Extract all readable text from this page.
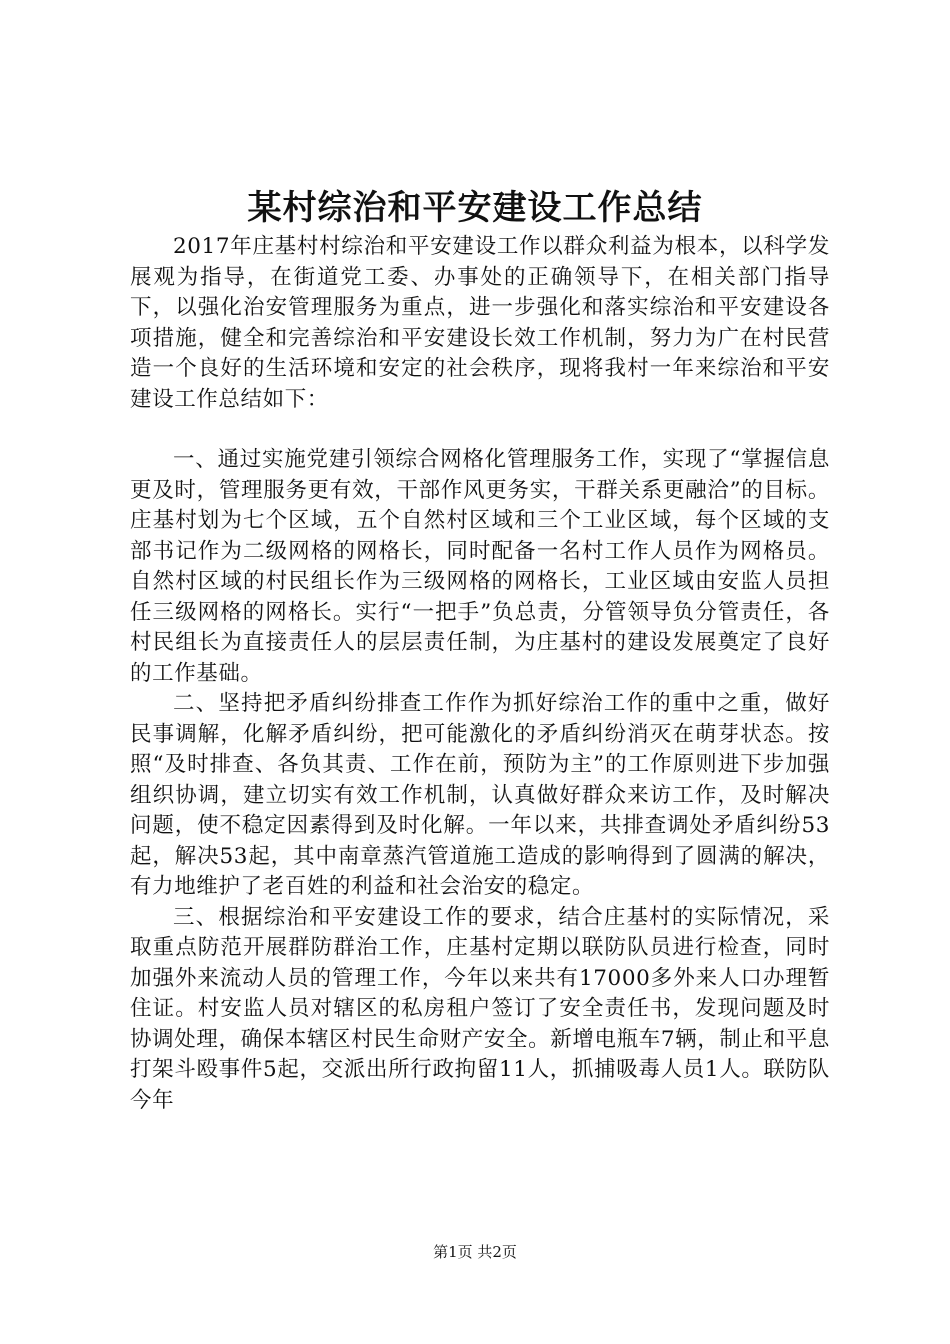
某村综治和平安建设工作总结

2017年庄基村村综治和平安建设工作以群众利益为根本，以科学发展观为指导，在街道党工委、办事处的正确领导下，在相关部门指导下，以强化治安管理服务为重点，进一步强化和落实综治和平安建设各项措施，健全和完善综治和平安建设长效工作机制，努力为广在村民营造一个良好的生活环境和安定的社会秩序，现将我村一年来综治和平安建设工作总结如下：

一、通过实施党建引领综合网格化管理服务工作，实现了“掌握信息更及时，管理服务更有效，干部作风更务实，干群关系更融洽”的目标。庄基村划为七个区域，五个自然村区域和三个工业区域，每个区域的支部书记作为二级网格的网格长，同时配备一名村工作人员作为网格员。自然村区域的村民组长作为三级网格的网格长，工业区域由安监人员担任三级网格的网格长。实行“一把手”负总责，分管领导负分管责任，各村民组长为直接责任人的层层责任制，为庄基村的建设发展奠定了良好的工作基础。

二、坚持把矛盾纠纷排查工作作为抓好综治工作的重中之重，做好民事调解，化解矛盾纠纷，把可能激化的矛盾纠纷消灭在萌芽状态。按照“及时排查、各负其责、工作在前，预防为主”的工作原则进下步加强组织协调，建立切实有效工作机制，认真做好群众来访工作，及时解决问题，使不稳定因素得到及时化解。一年以来，共排查调处矛盾纠纷53起，解决53起，其中南章蒸汽管道施工造成的影响得到了圆满的解决，有力地维护了老百姓的利益和社会治安的稳定。

三、根据综治和平安建设工作的要求，结合庄基村的实际情况，采取重点防范开展群防群治工作，庄基村定期以联防队员进行检查，同时加强外来流动人员的管理工作，今年以来共有17000多外来人口办理暂住证。村安监人员对辖区的私房租户签订了安全责任书，发现问题及时协调处理，确保本辖区村民生命财产安全。新增电瓶车7辆，制止和平息打架斗殴事件5起，交派出所行政拘留11人，抓捕吸毒人员1人。联防队今年

第1页 共2页
